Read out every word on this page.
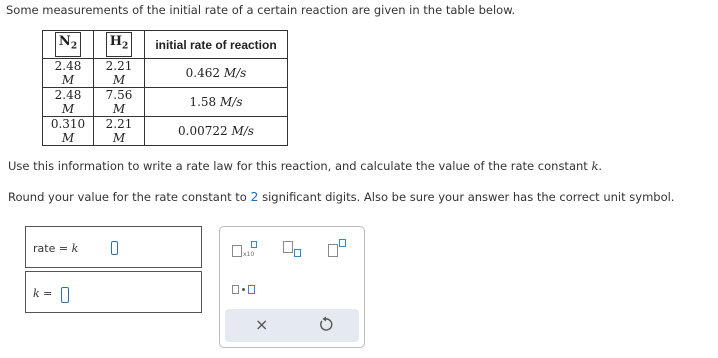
Some measurements of the initial rate of a certain reaction are given in the table below.
$N_2$	$H_2$	initial rate of reaction
2.48 M	2.21 M	0.462 M/s
2.48 M	7.56 M	1.58 M/s
0.310 M	2.21 M	0.00722 M/s
Use this information to write a rate law for this reaction, and calculate the value of the rate constant k.
Round your value for the rate constant to 2 significant digits. Also be sure your answer has the correct unit symbol.
rate = k
k =
x10
×
